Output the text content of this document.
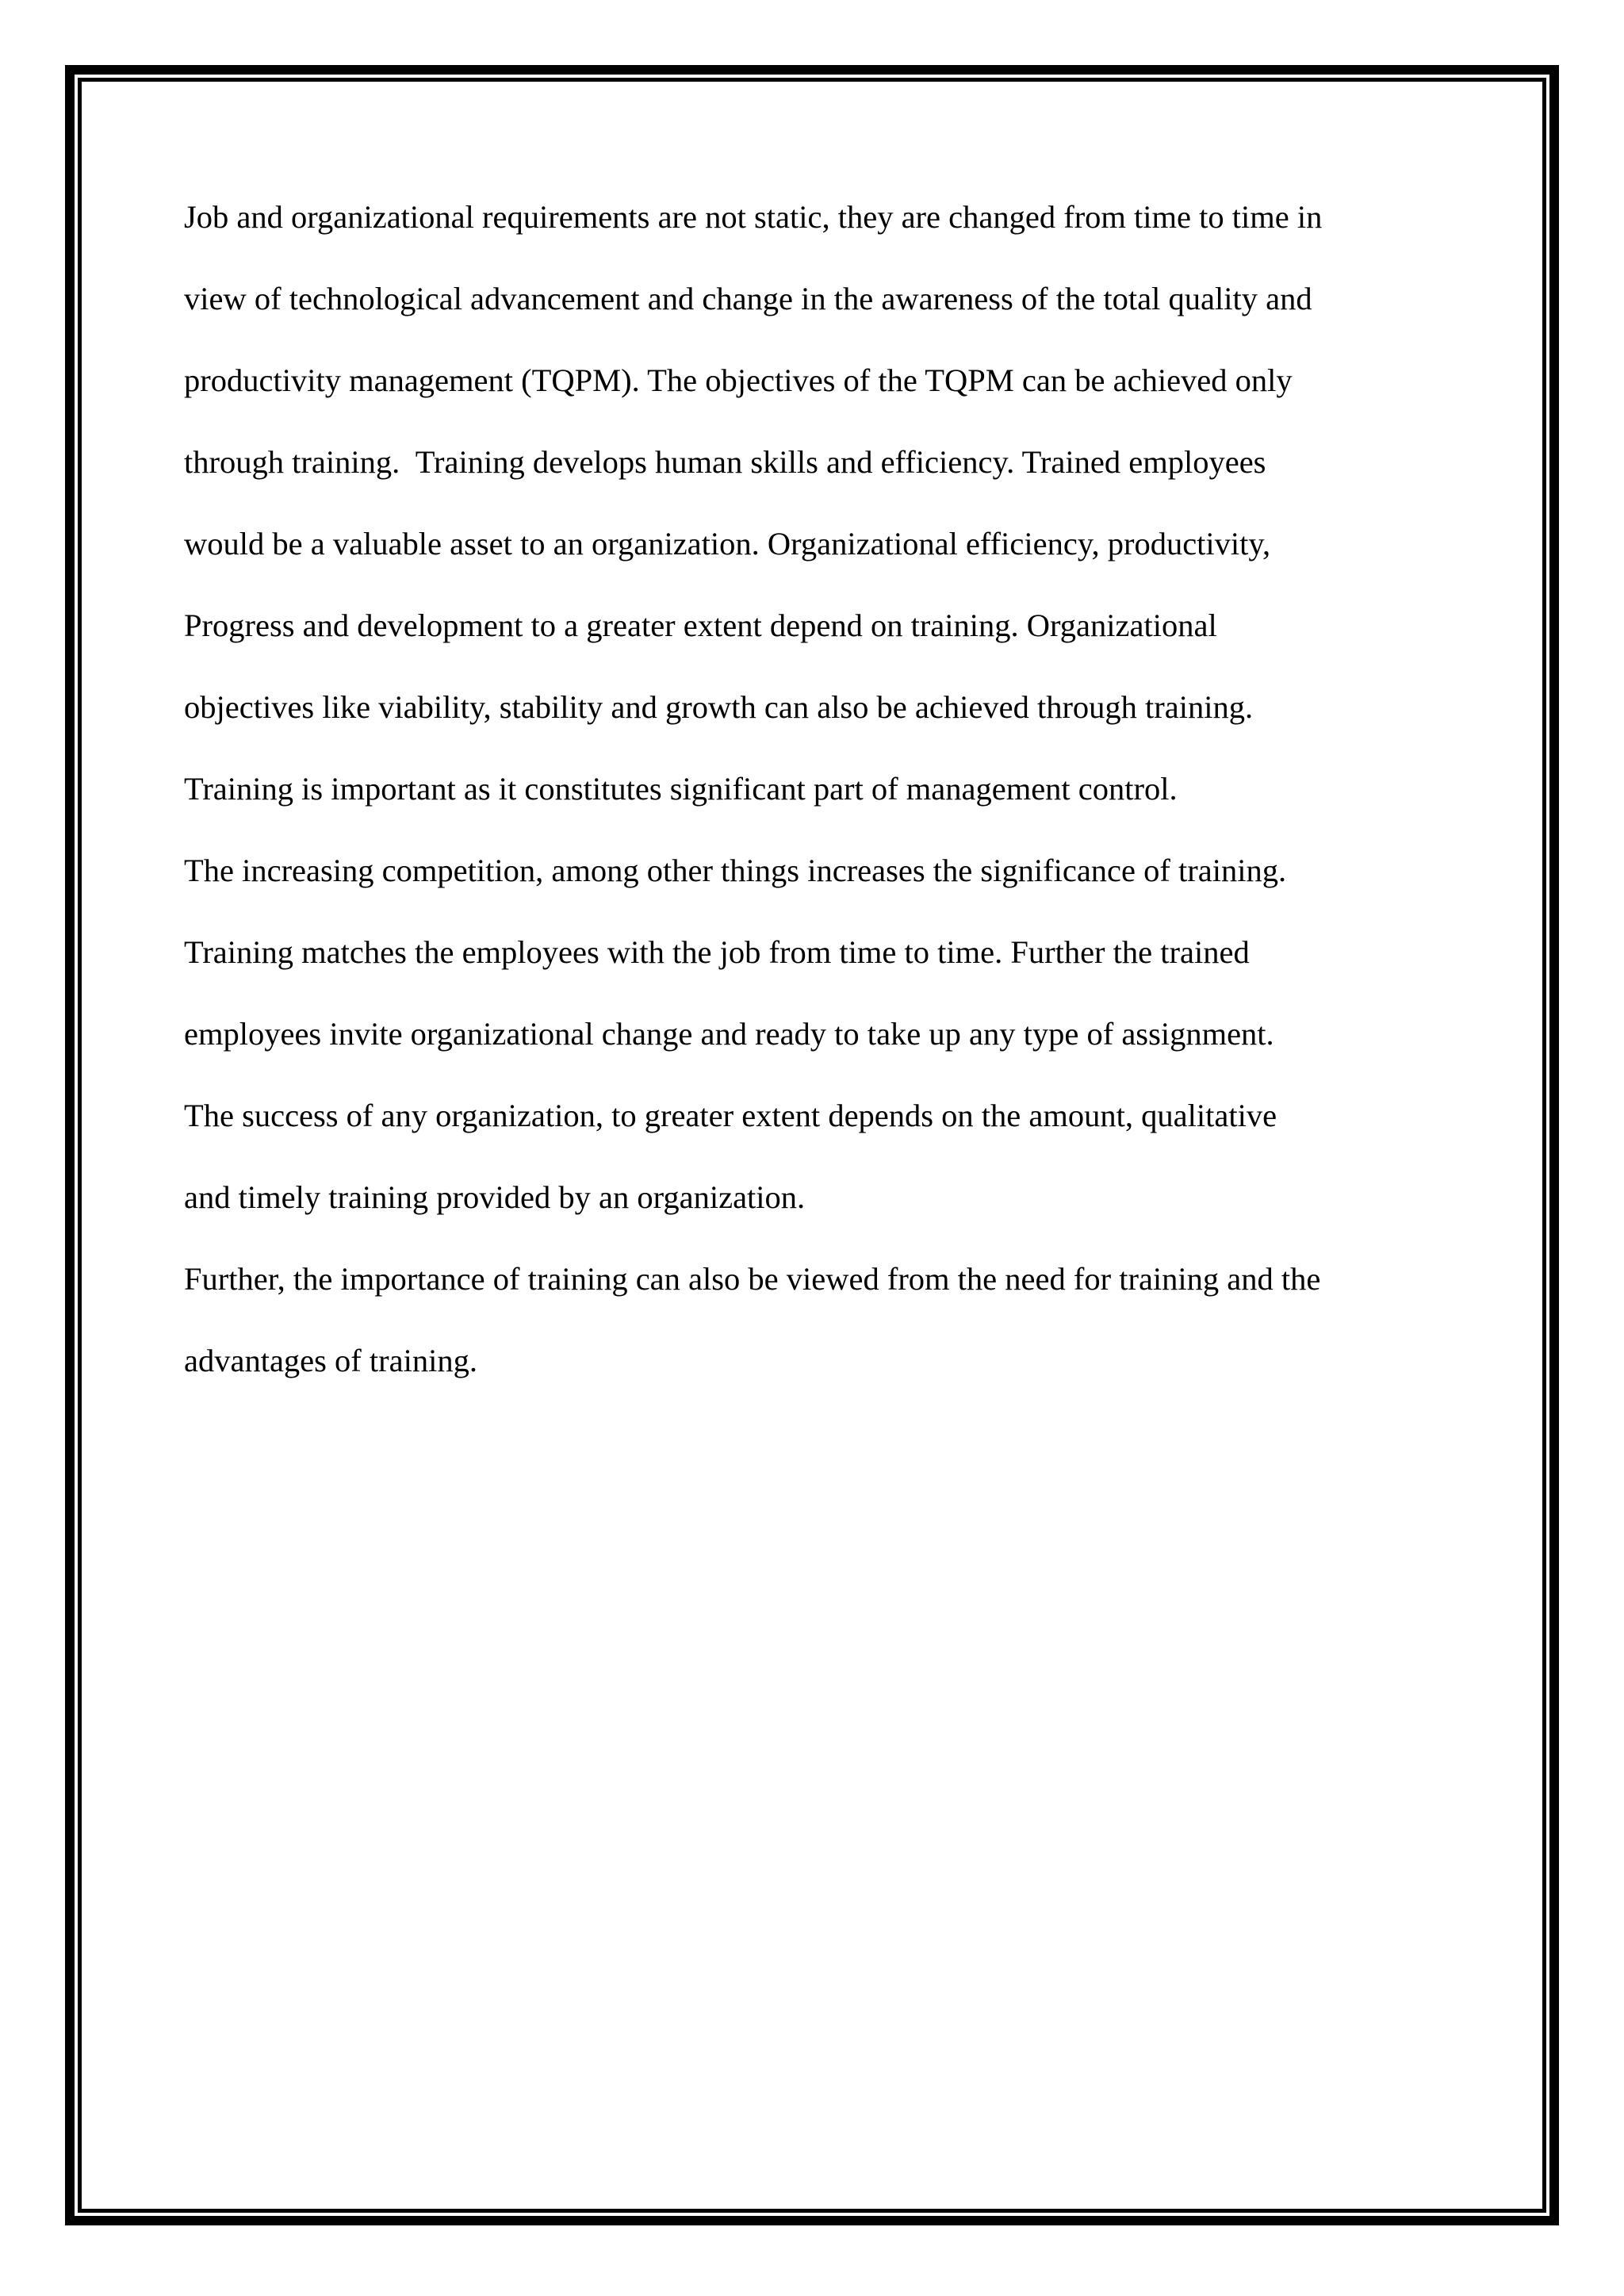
Job and organizational requirements are not static, they are changed from time to time in
view of technological advancement and change in the awareness of the total quality and
productivity management (TQPM). The objectives of the TQPM can be achieved only
through training.  Training develops human skills and efficiency. Trained employees
would be a valuable asset to an organization. Organizational efficiency, productivity,
Progress and development to a greater extent depend on training. Organizational
objectives like viability, stability and growth can also be achieved through training.
Training is important as it constitutes significant part of management control.
The increasing competition, among other things increases the significance of training.
Training matches the employees with the job from time to time. Further the trained
employees invite organizational change and ready to take up any type of assignment.
The success of any organization, to greater extent depends on the amount, qualitative
and timely training provided by an organization.
Further, the importance of training can also be viewed from the need for training and the
advantages of training.
